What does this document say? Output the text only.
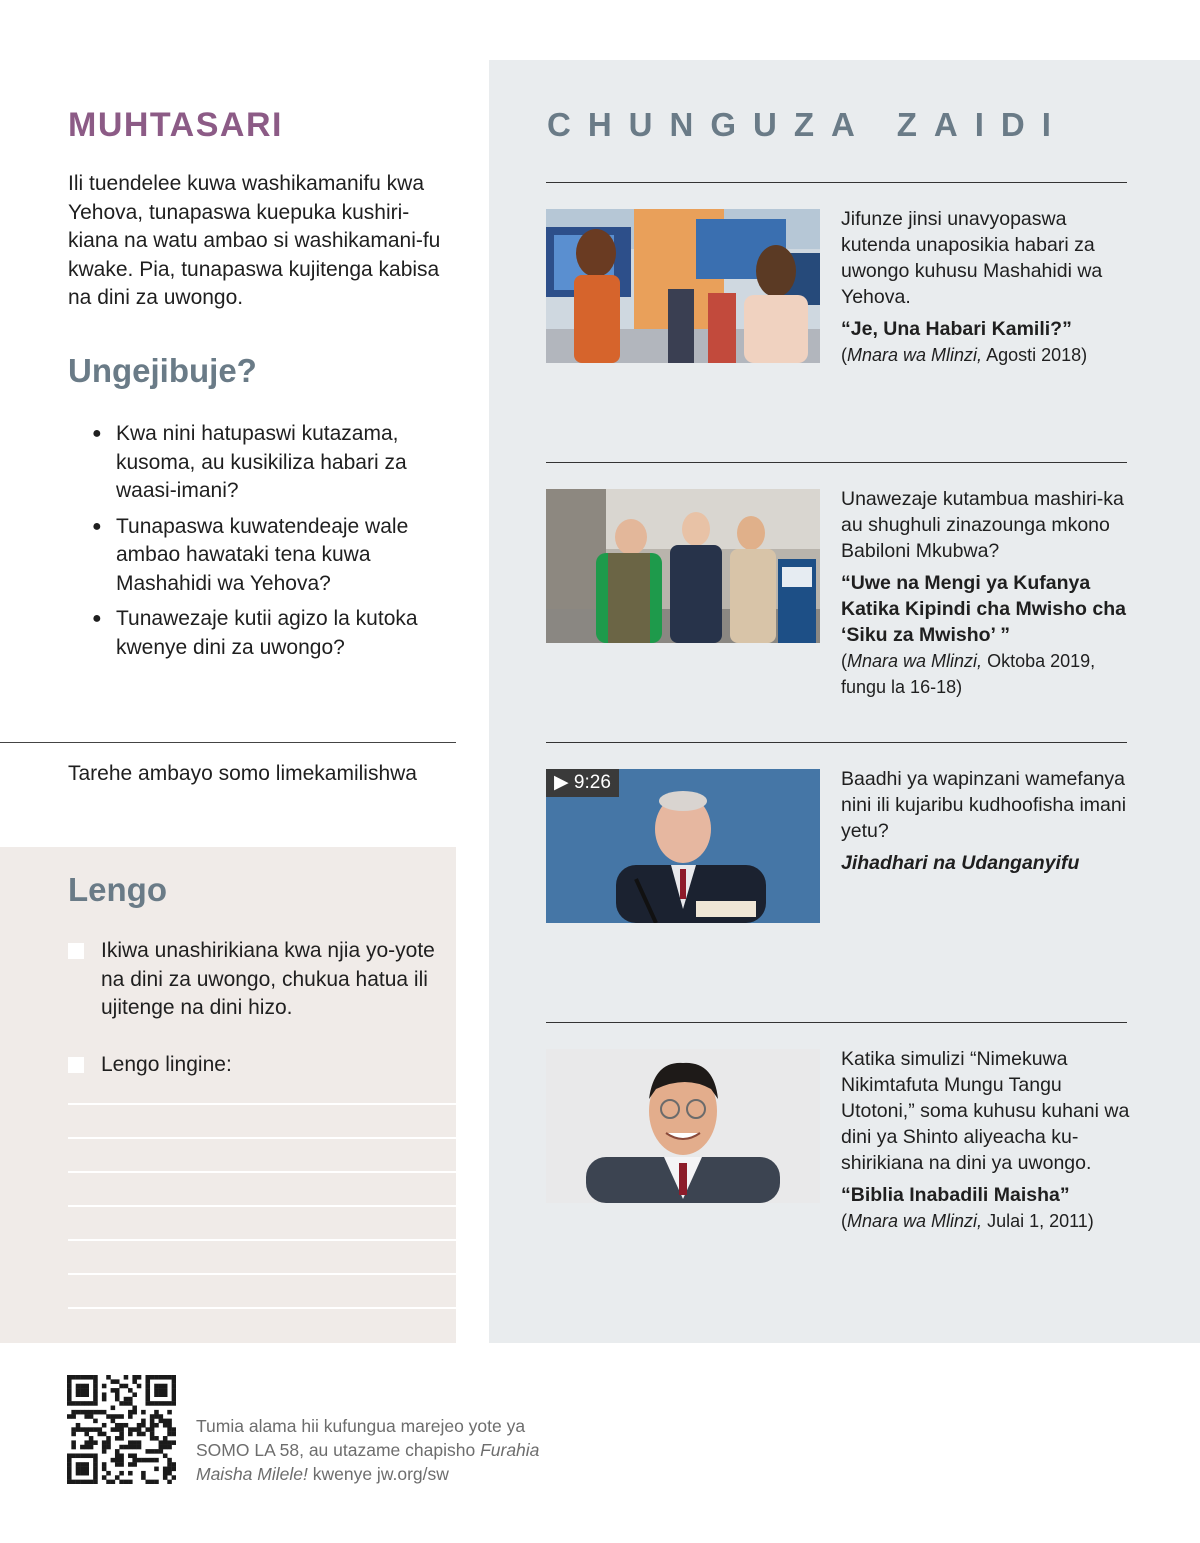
MUHTASARI

Ili tuendelee kuwa washikamanifu kwa Yehova, tunapaswa kuepuka kushiri-kiana na watu ambao si washikamani-fu kwake. Pia, tunapaswa kujitenga kabisa na dini za uwongo.

Ungejibuje?
● Kwa nini hatupaswi kutazama, kusoma, au kusikiliza habari za waasi-imani?
● Tunapaswa kuwatendeaje wale ambao hawataki tena kuwa Mashahidi wa Yehova?
● Tunawezaje kutii agizo la kutoka kwenye dini za uwongo?

Tarehe ambayo somo limekamilishwa

Lengo
Ikiwa unashirikiana kwa njia yo-yote na dini za uwongo, chukua hatua ili ujitenge na dini hizo.
Lengo lingine:
CHUNGUZA ZAIDI

Jifunze jinsi unavyopaswa kutenda unaposikia habari za uwongo kuhusu Mashahidi wa Yehova.
“Je, Una Habari Kamili?”
(Mnara wa Mlinzi, Agosti 2018)

Unawezaje kutambua mashiri-ka au shughuli zinazounga mkono Babiloni Mkubwa?
“Uwe na Mengi ya Kufanya Katika Kipindi cha Mwisho cha ‘Siku za Mwisho’ ”
(Mnara wa Mlinzi, Oktoba 2019, fungu la 16-18)

▶ 9:26	Baadhi ya wapinzani wamefanya nini ili kujaribu kudhoofisha imani yetu?
Jihadhari na Udanganyifu

Katika simulizi “Nimekuwa Nikimtafuta Mungu Tangu Utotoni,” soma kuhusu kuhani wa dini ya Shinto aliyeacha ku-shirikiana na dini ya uwongo.
“Biblia Inabadili Maisha”
(Mnara wa Mlinzi, Julai 1, 2011)

Tumia alama hii kufungua marejeo yote ya SOMO LA 58, au utazame chapisho Furahia Maisha Milele! kwenye jw.org/sw
